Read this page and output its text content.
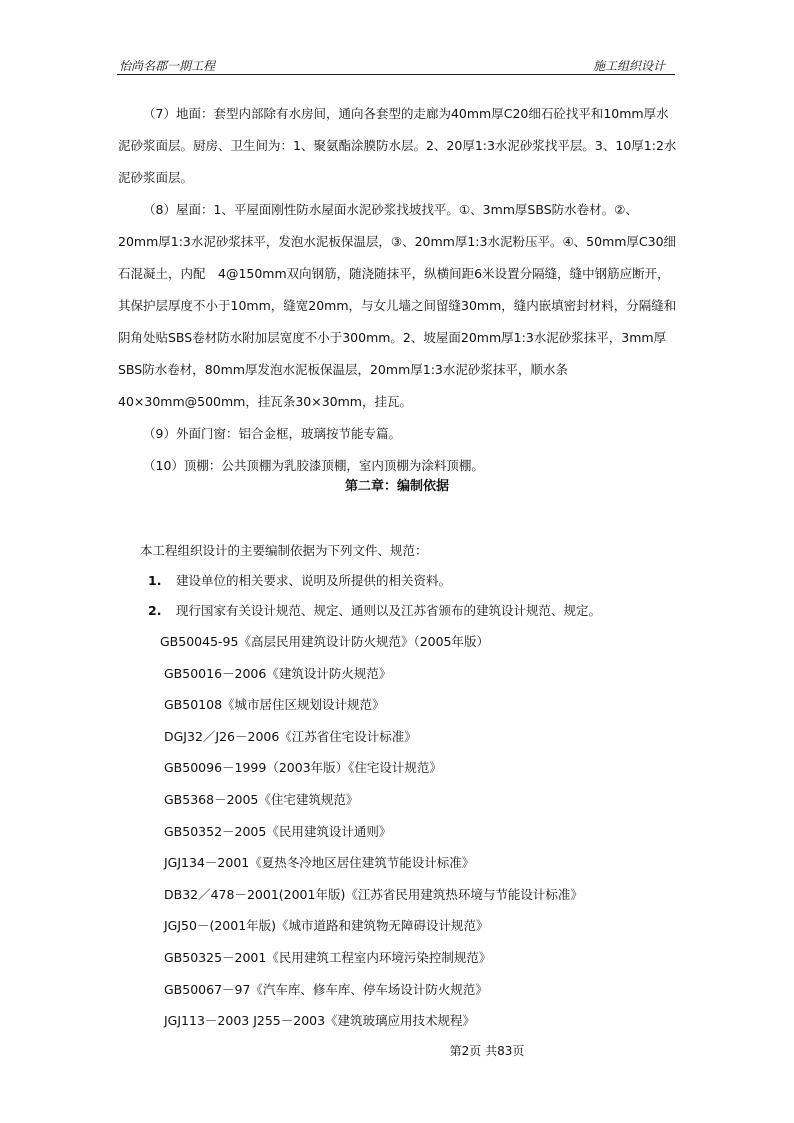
怡尚名郡一期工程	施工组织设计

（7）地面：套型内部除有水房间，通向各套型的走廊为40mm厚C20细石砼找平和10mm厚水泥砂浆面层。厨房、卫生间为：1、聚氨酯涂膜防水层。2、20厚1:3水泥砂浆找平层。3、10厚1:2水泥砂浆面层。

（8）屋面：1、平屋面刚性防水屋面水泥砂浆找坡找平。①、3mm厚SBS防水卷材。②、20mm厚1:3水泥砂浆抹平，发泡水泥板保温层，③、20mm厚1:3水泥粉压平。④、50mm厚C30细石混凝土，内配　4@150mm双向钢筋，随浇随抹平，纵横间距6米设置分隔缝，缝中钢筋应断开，其保护层厚度不小于10mm，缝宽20mm，与女儿墙之间留缝30mm，缝内嵌填密封材料，分隔缝和阴角处贴SBS卷材防水附加层宽度不小于300mm。2、坡屋面20mm厚1:3水泥砂浆抹平，3mm厚SBS防水卷材，80mm厚发泡水泥板保温层，20mm厚1:3水泥砂浆抹平，顺水条40×30mm@500mm，挂瓦条30×30mm，挂瓦。

（9）外面门窗：铝合金框，玻璃按节能专篇。

（10）顶棚：公共顶棚为乳胶漆顶棚，室内顶棚为涂料顶棚。

第二章：编制依据
本工程组织设计的主要编制依据为下列文件、规范：
1. 建设单位的相关要求、说明及所提供的相关资料。
2. 现行国家有关设计规范、规定、通则以及江苏省颁布的建筑设计规范、规定。

GB50045-95《高层民用建筑设计防火规范》（2005年版）

GB50016－2006《建筑设计防火规范》

GB50108《城市居住区规划设计规范》

DGJ32／J26－2006《江苏省住宅设计标准》

GB50096－1999（2003年版）《住宅设计规范》

GB5368－2005《住宅建筑规范》

GB50352－2005《民用建筑设计通则》

JGJ134－2001《夏热冬冷地区居住建筑节能设计标准》

DB32／478－2001(2001年版)《江苏省民用建筑热环境与节能设计标准》

JGJ50－(2001年版)《城市道路和建筑物无障碍设计规范》

GB50325－2001《民用建筑工程室内环境污染控制规范》

GB50067－97《汽车库、修车库、停车场设计防火规范》

JGJ113－2003 J255－2003《建筑玻璃应用技术规程》

第2页 共83页
